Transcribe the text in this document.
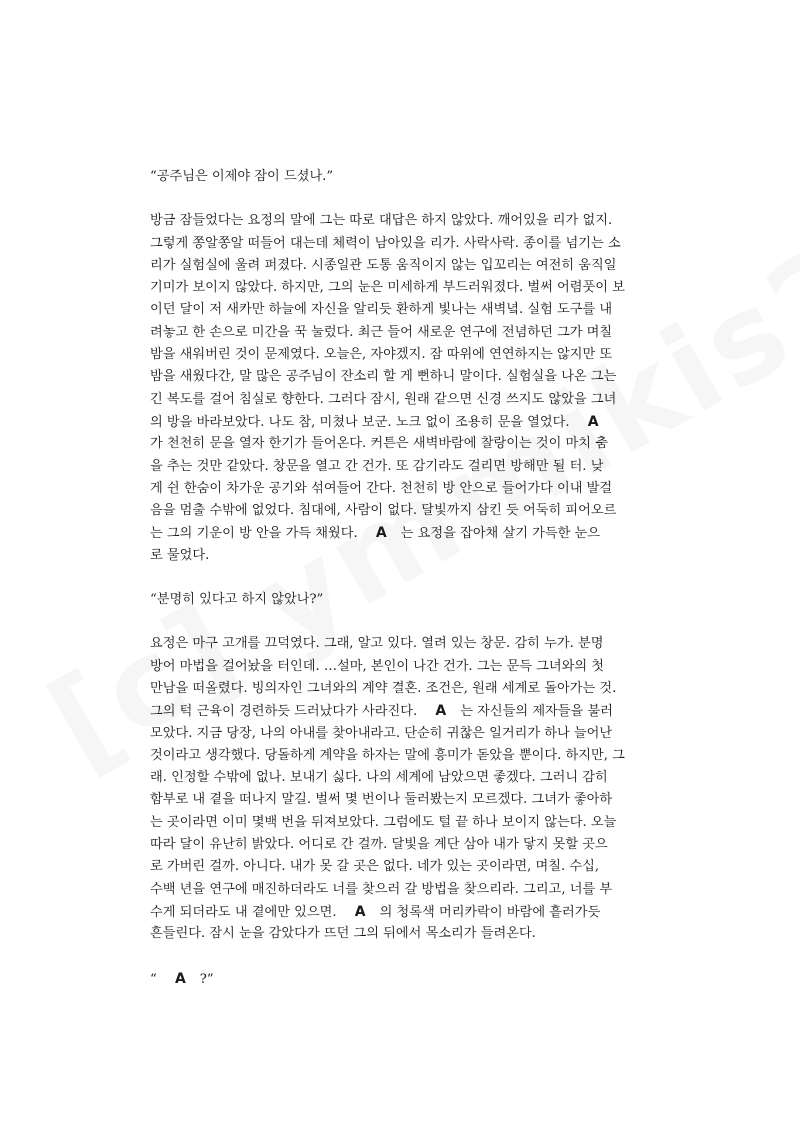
“공주님은 이제야 잠이 드셨나.”
방금 잠들었다는 요정의 말에 그는 따로 대답은 하지 않았다. 깨어있을 리가 없지.
그렇게 쫑알쫑알 떠들어 대는데 체력이 남아있을 리가. 사락사락. 종이를 넘기는 소
리가 실험실에 울려 퍼졌다. 시종일관 도통 움직이지 않는 입꼬리는 여전히 움직일
기미가 보이지 않았다. 하지만, 그의 눈은 미세하게 부드러워졌다. 벌써 어렴풋이 보
이던 달이 저 새카만 하늘에 자신을 알리듯 환하게 빛나는 새벽녘. 실험 도구를 내
려놓고 한 손으로 미간을 꾹 눌렀다. 최근 들어 새로운 연구에 전념하던 그가 며칠
밤을 새워버린 것이 문제였다. 오늘은, 자야겠지. 잠 따위에 연연하지는 않지만 또
밤을 새웠다간, 말 많은 공주님이 잔소리 할 게 뻔하니 말이다. 실험실을 나온 그는
긴 복도를 걸어 침실로 향한다. 그러다 잠시, 원래 같으면 신경 쓰지도 않았을 그녀
의 방을 바라보았다. 나도 참, 미쳤나 보군. 노크 없이 조용히 문을 열었다. A
가 천천히 문을 열자 한기가 들어온다. 커튼은 새벽바람에 찰랑이는 것이 마치 춤
을 추는 것만 같았다. 창문을 열고 간 건가. 또 감기라도 걸리면 방해만 될 터. 낮
게 쉰 한숨이 차가운 공기와 섞여들어 간다. 천천히 방 안으로 들어가다 이내 발걸
음을 멈출 수밖에 없었다. 침대에, 사람이 없다. 달빛까지 삼킨 듯 어둑히 피어오르
는 그의 기운이 방 안을 가득 채웠다. A 는 요정을 잡아채 살기 가득한 눈으
로 물었다.
“분명히 있다고 하지 않았나?”
요정은 마구 고개를 끄덕였다. 그래, 알고 있다. 열려 있는 창문. 감히 누가. 분명
방어 마법을 걸어놨을 터인데. …설마, 본인이 나간 건가. 그는 문득 그녀와의 첫
만남을 떠올렸다. 빙의자인 그녀와의 계약 결혼. 조건은, 원래 세계로 돌아가는 것.
그의 턱 근육이 경련하듯 드러났다가 사라진다. A 는 자신들의 제자들을 불러
모았다. 지금 당장, 나의 아내를 찾아내라고. 단순히 귀찮은 일거리가 하나 늘어난
것이라고 생각했다. 당돌하게 계약을 하자는 말에 흥미가 돋았을 뿐이다. 하지만, 그
래. 인정할 수밖에 없나. 보내기 싫다. 나의 세계에 남았으면 좋겠다. 그러니 감히
함부로 내 곁을 떠나지 말길. 벌써 몇 번이나 둘러봤는지 모르겠다. 그녀가 좋아하
는 곳이라면 이미 몇백 번을 뒤져보았다. 그럼에도 털 끝 하나 보이지 않는다. 오늘
따라 달이 유난히 밝았다. 어디로 간 걸까. 달빛을 계단 삼아 내가 닿지 못할 곳으
로 가버린 걸까. 아니다. 내가 못 갈 곳은 없다. 네가 있는 곳이라면, 며칠. 수십,
수백 년을 연구에 매진하더라도 너를 찾으러 갈 방법을 찾으리라. 그리고, 너를 부
수게 되더라도 내 곁에만 있으면. A 의 청록색 머리카락이 바람에 흩러가듯
흔들린다. 잠시 눈을 감았다가 뜨던 그의 뒤에서 목소리가 들려온다.
“ A ?”
